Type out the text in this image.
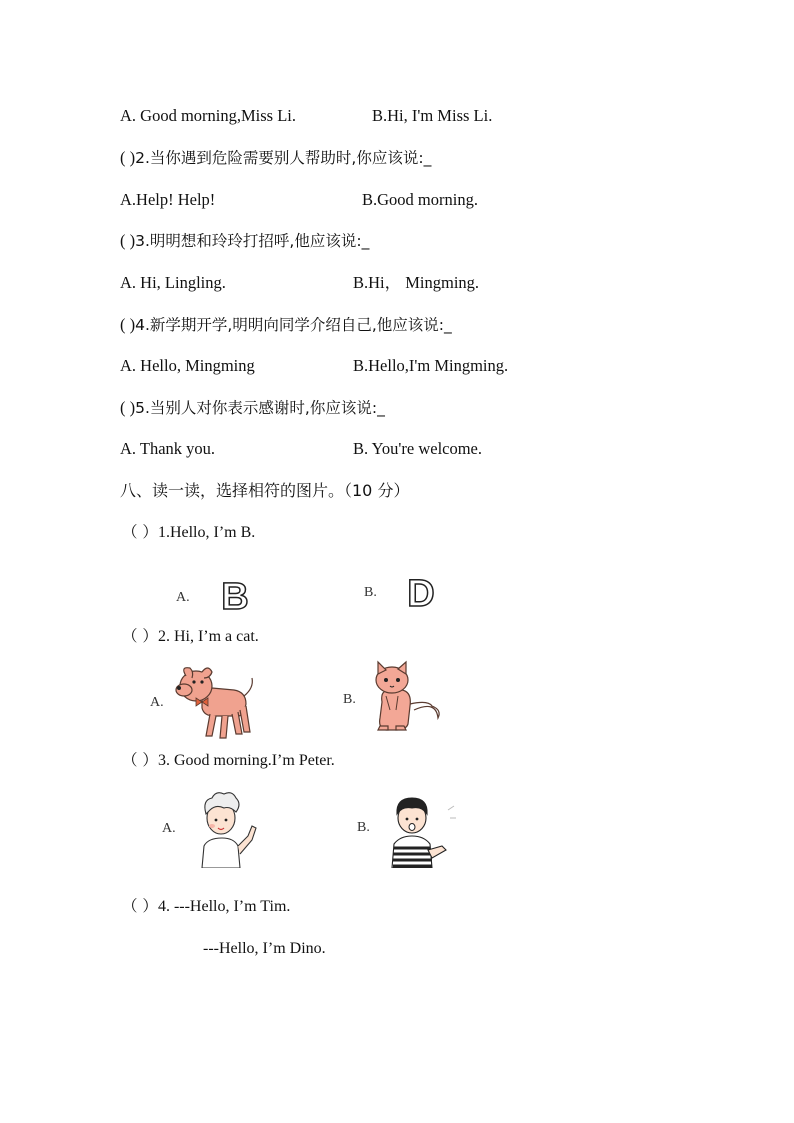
A. Good morning,Miss Li.	B.Hi, I'm Miss Li.
( )2.当你遇到危险需要别人帮助时,你应该说:_
A.Help! Help!	B.Good morning.
( )3.明明想和玲玲打招呼,他应该说:_
A. Hi, Lingling.	B.Hi， Mingming.
( )4.新学期开学,明明向同学介绍自己,他应该说:_
A. Hello, Mingming	B.Hello,I'm Mingming.
( )5.当别人对你表示感谢时,你应该说:_
A. Thank you.	B. You're welcome.
八、读一读，选择相符的图片。（10 分）
（ ）1.Hello, I’m B.
A. B	B. D
（ ）2. Hi, I’m a cat.
A.	B.
（ ）3. Good morning.I’m Peter.
A.	B.
（ ）4. ---Hello, I’m Tim.
---Hello, I’m Dino.
